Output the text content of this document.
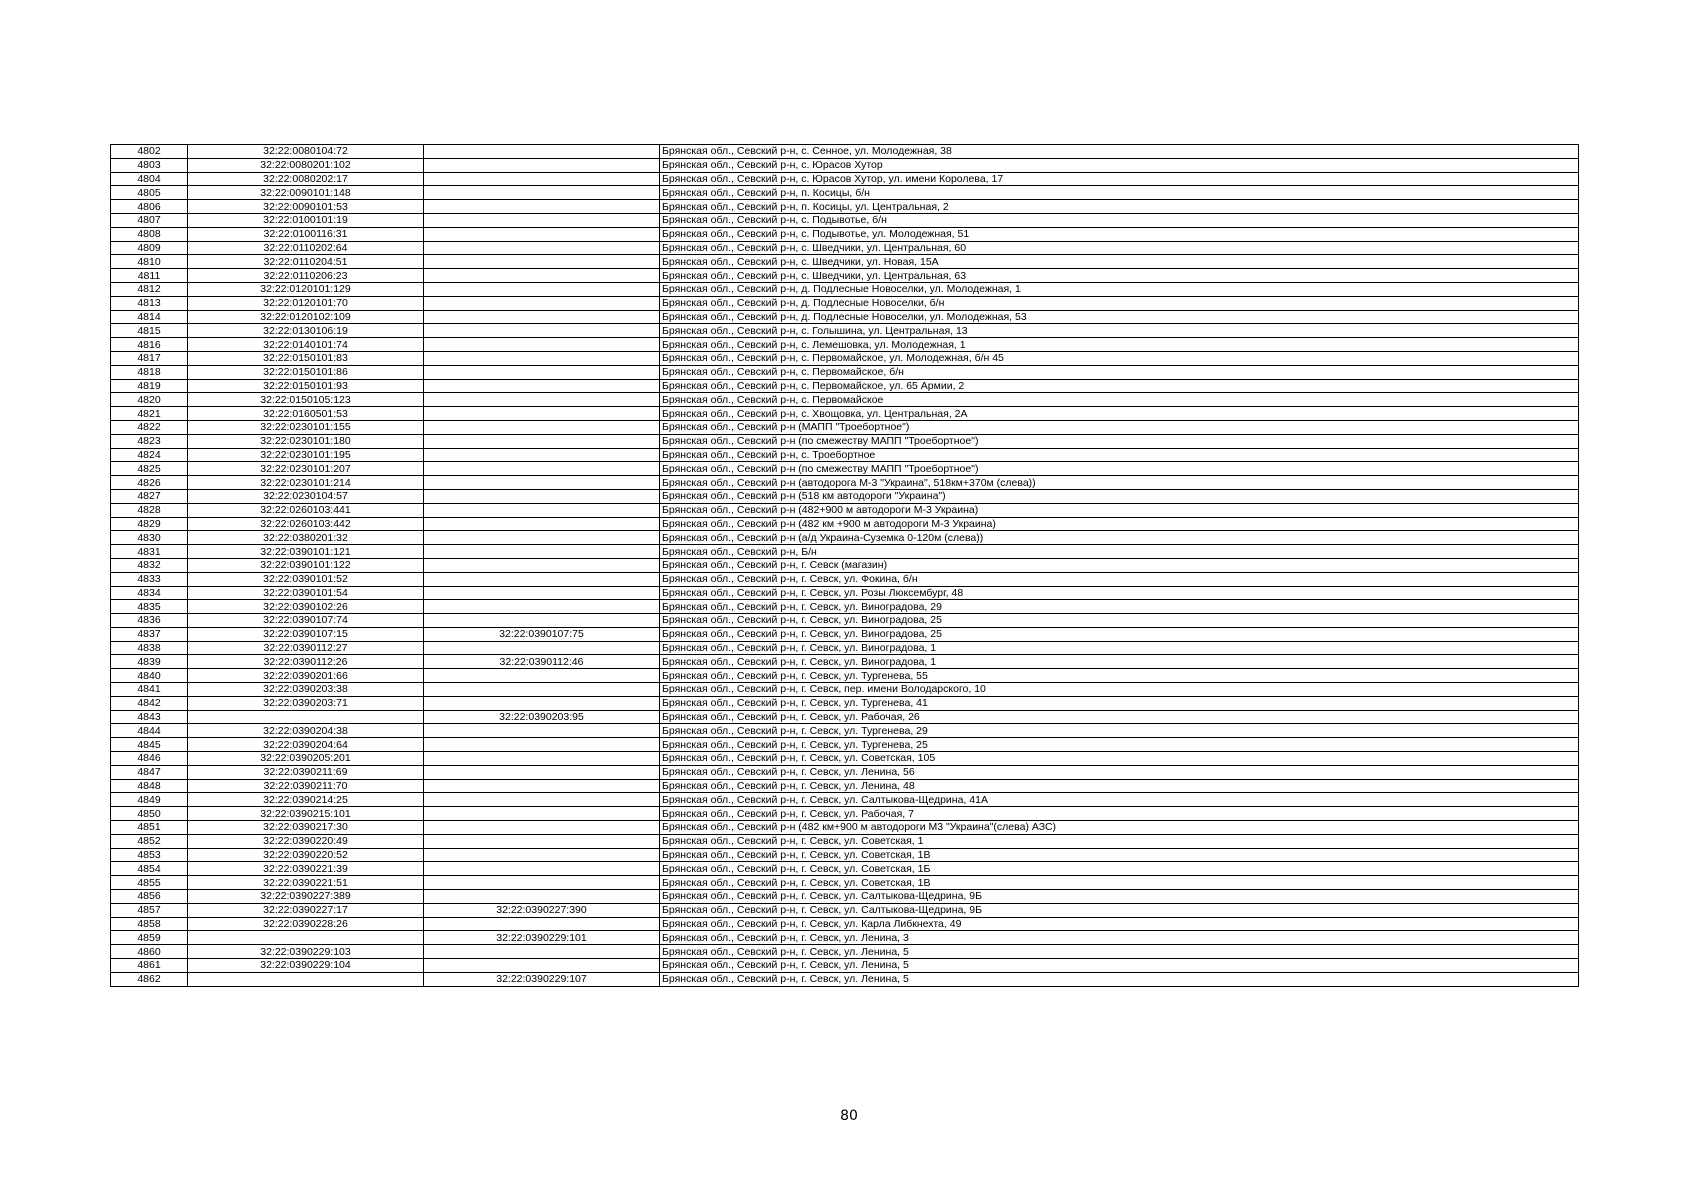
4802	32:22:0080104:72		Брянская обл., Севский р-н, с. Сенное, ул. Молодежная, 38
4803	32:22:0080201:102		Брянская обл., Севский р-н, с. Юрасов Хутор
4804	32:22:0080202:17		Брянская обл., Севский р-н, с. Юрасов Хутор, ул. имени Королева, 17
4805	32:22:0090101:148		Брянская обл., Севский р-н, п. Косицы, б/н
4806	32:22:0090101:53		Брянская обл., Севский р-н, п. Косицы, ул. Центральная, 2
4807	32:22:0100101:19		Брянская обл., Севский р-н, с. Подывотье, б/н
4808	32:22:0100116:31		Брянская обл., Севский р-н, с. Подывотье, ул. Молодежная, 51
4809	32:22:0110202:64		Брянская обл., Севский р-н, с. Шведчики, ул. Центральная, 60
4810	32:22:0110204:51		Брянская обл., Севский р-н, с. Шведчики, ул. Новая, 15А
4811	32:22:0110206:23		Брянская обл., Севский р-н, с. Шведчики, ул. Центральная, 63
4812	32:22:0120101:129		Брянская обл., Севский р-н, д. Подлесные Новоселки, ул. Молодежная, 1
4813	32:22:0120101:70		Брянская обл., Севский р-н, д. Подлесные Новоселки, б/н
4814	32:22:0120102:109		Брянская обл., Севский р-н, д. Подлесные Новоселки, ул. Молодежная, 53
4815	32:22:0130106:19		Брянская обл., Севский р-н, с. Голышина, ул. Центральная, 13
4816	32:22:0140101:74		Брянская обл., Севский р-н, с. Лемешовка, ул. Молодежная, 1
4817	32:22:0150101:83		Брянская обл., Севский р-н, с. Первомайское, ул. Молодежная, б/н 45
4818	32:22:0150101:86		Брянская обл., Севский р-н, с. Первомайское, б/н
4819	32:22:0150101:93		Брянская обл., Севский р-н, с. Первомайское, ул. 65 Армии, 2
4820	32:22:0150105:123		Брянская обл., Севский р-н, с. Первомайское
4821	32:22:0160501:53		Брянская обл., Севский р-н, с. Хвощовка, ул. Центральная, 2А
4822	32:22:0230101:155		Брянская обл., Севский р-н (МАПП "Троебортное")
4823	32:22:0230101:180		Брянская обл., Севский р-н (по смежеству МАПП "Троебортное")
4824	32:22:0230101:195		Брянская обл., Севский р-н, с. Троебортное
4825	32:22:0230101:207		Брянская обл., Севский р-н (по смежеству МАПП "Троебортное")
4826	32:22:0230101:214		Брянская обл., Севский р-н (автодорога М-3 "Украина", 518км+370м (слева))
4827	32:22:0230104:57		Брянская обл., Севский р-н (518 км автодороги "Украина")
4828	32:22:0260103:441		Брянская обл., Севский р-н (482+900 м автодороги М-3 Украина)
4829	32:22:0260103:442		Брянская обл., Севский р-н (482 км +900 м автодороги М-3 Украина)
4830	32:22:0380201:32		Брянская обл., Севский р-н (а/д Украина-Суземка 0-120м (слева))
4831	32:22:0390101:121		Брянская обл., Севский р-н, Б/н
4832	32:22:0390101:122		Брянская обл., Севский р-н, г. Севск (магазин)
4833	32:22:0390101:52		Брянская обл., Севский р-н, г. Севск, ул. Фокина, б/н
4834	32:22:0390101:54		Брянская обл., Севский р-н, г. Севск, ул. Розы Люксембург, 48
4835	32:22:0390102:26		Брянская обл., Севский р-н, г. Севск, ул. Виноградова, 29
4836	32:22:0390107:74		Брянская обл., Севский р-н, г. Севск, ул. Виноградова, 25
4837	32:22:0390107:15	32:22:0390107:75	Брянская обл., Севский р-н, г. Севск, ул. Виноградова, 25
4838	32:22:0390112:27		Брянская обл., Севский р-н, г. Севск, ул. Виноградова, 1
4839	32:22:0390112:26	32:22:0390112:46	Брянская обл., Севский р-н, г. Севск, ул. Виноградова, 1
4840	32:22:0390201:66		Брянская обл., Севский р-н, г. Севск, ул. Тургенева, 55
4841	32:22:0390203:38		Брянская обл., Севский р-н, г. Севск, пер. имени Володарского, 10
4842	32:22:0390203:71		Брянская обл., Севский р-н, г. Севск, ул. Тургенева, 41
4843		32:22:0390203:95	Брянская обл., Севский р-н, г. Севск, ул. Рабочая, 26
4844	32:22:0390204:38		Брянская обл., Севский р-н, г. Севск, ул. Тургенева, 29
4845	32:22:0390204:64		Брянская обл., Севский р-н, г. Севск, ул. Тургенева, 25
4846	32:22:0390205:201		Брянская обл., Севский р-н, г. Севск, ул. Советская, 105
4847	32:22:0390211:69		Брянская обл., Севский р-н, г. Севск, ул. Ленина, 56
4848	32:22:0390211:70		Брянская обл., Севский р-н, г. Севск, ул. Ленина, 48
4849	32:22:0390214:25		Брянская обл., Севский р-н, г. Севск, ул. Салтыкова-Щедрина, 41А
4850	32:22:0390215:101		Брянская обл., Севский р-н, г. Севск, ул. Рабочая, 7
4851	32:22:0390217:30		Брянская обл., Севский р-н (482 км+900 м автодороги М3 "Украина"(слева) АЗС)
4852	32:22:0390220:49		Брянская обл., Севский р-н, г. Севск, ул. Советская, 1
4853	32:22:0390220:52		Брянская обл., Севский р-н, г. Севск, ул. Советская, 1В
4854	32:22:0390221:39		Брянская обл., Севский р-н, г. Севск, ул. Советская, 1Б
4855	32:22:0390221:51		Брянская обл., Севский р-н, г. Севск, ул. Советская, 1В
4856	32:22:0390227:389		Брянская обл., Севский р-н, г. Севск, ул. Салтыкова-Щедрина, 9Б
4857	32:22:0390227:17	32:22:0390227:390	Брянская обл., Севский р-н, г. Севск, ул. Салтыкова-Щедрина, 9Б
4858	32:22:0390228:26		Брянская обл., Севский р-н, г. Севск, ул. Карла Либкнехта, 49
4859		32:22:0390229:101	Брянская обл., Севский р-н, г. Севск, ул. Ленина, 3
4860	32:22:0390229:103		Брянская обл., Севский р-н, г. Севск, ул. Ленина, 5
4861	32:22:0390229:104		Брянская обл., Севский р-н, г. Севск, ул. Ленина, 5
4862		32:22:0390229:107	Брянская обл., Севский р-н, г. Севск, ул. Ленина, 5
80
